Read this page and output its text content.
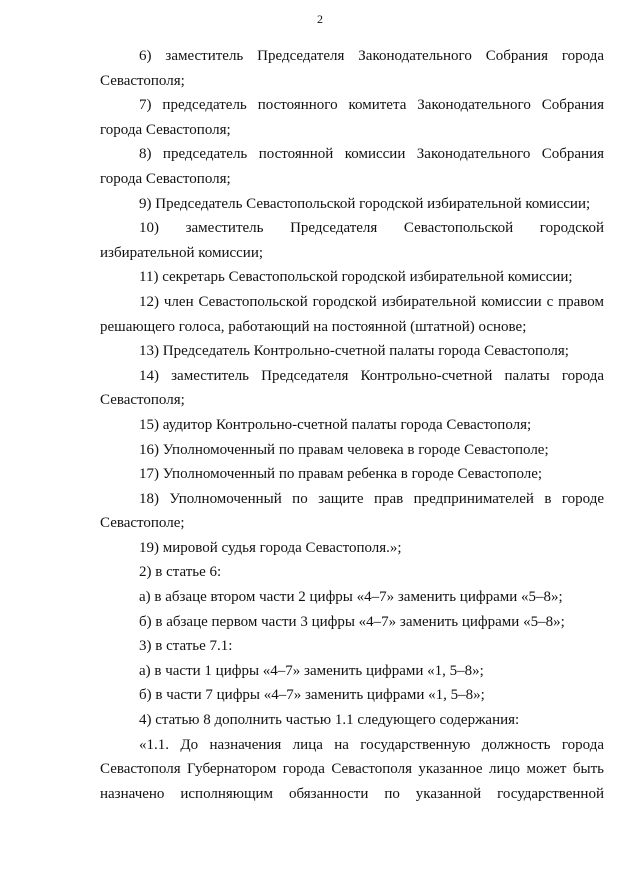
2

6) заместитель Председателя Законодательного Собрания города Севастополя;

7) председатель постоянного комитета Законодательного Собрания города Севастополя;

8) председатель постоянной комиссии Законодательного Собрания города Севастополя;

9) Председатель Севастопольской городской избирательной комиссии;

10) заместитель Председателя Севастопольской городской избирательной комиссии;

11) секретарь Севастопольской городской избирательной комиссии;

12) член Севастопольской городской избирательной комиссии с правом решающего голоса, работающий на постоянной (штатной) основе;

13) Председатель Контрольно-счетной палаты города Севастополя;

14) заместитель Председателя Контрольно-счетной палаты города Севастополя;

15) аудитор Контрольно-счетной палаты города Севастополя;

16) Уполномоченный по правам человека в городе Севастополе;

17) Уполномоченный по правам ребенка в городе Севастополе;

18) Уполномоченный по защите прав предпринимателей в городе Севастополе;

19) мировой судья города Севастополя.»;

2) в статье 6:

а) в абзаце втором части 2 цифры «4–7» заменить цифрами «5–8»;

б) в абзаце первом части 3 цифры «4–7» заменить цифрами «5–8»;

3) в статье 7.1:

а) в части 1 цифры «4–7» заменить цифрами «1, 5–8»;

б) в части 7 цифры «4–7» заменить цифрами «1, 5–8»;

4) статью 8 дополнить частью 1.1 следующего содержания:

«1.1. До назначения лица на государственную должность города Севастополя Губернатором города Севастополя указанное лицо может быть назначено исполняющим обязанности по указанной государственной
